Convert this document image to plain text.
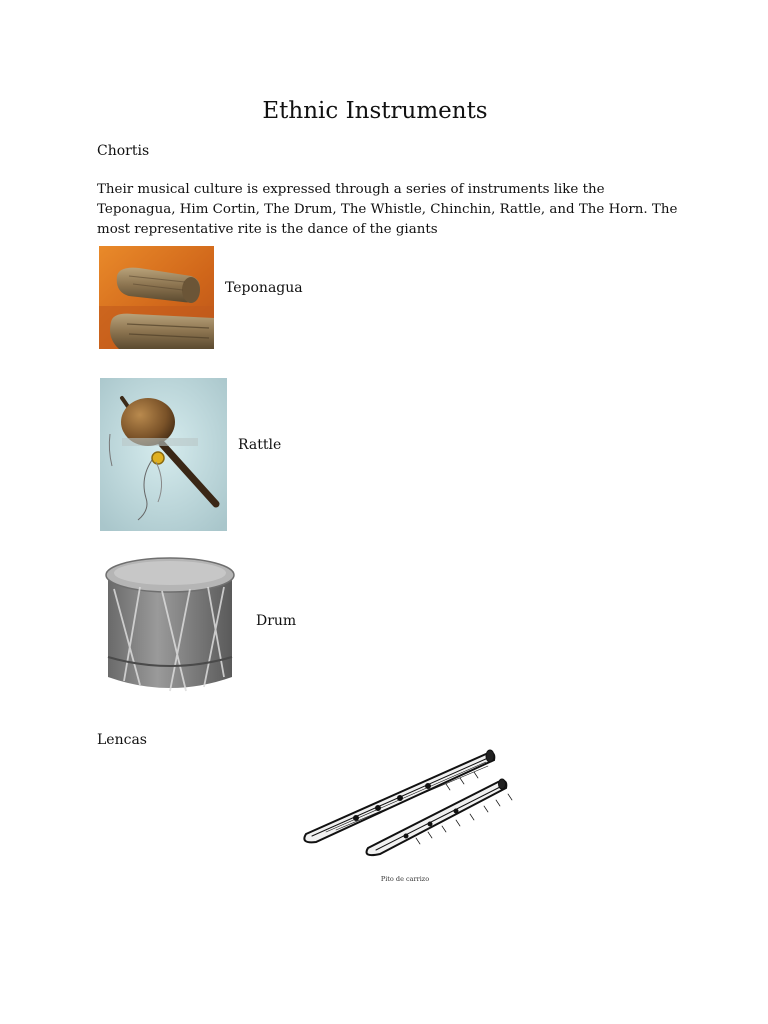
Ethnic Instruments
Chortis

Their musical culture is expressed through a series of instruments like the Teponagua, Him Cortin, The Drum, The Whistle, Chinchin, Rattle, and The Horn. The most representative rite is the dance of the giants

Teponagua
Rattle
Drum
Lencas
Pito de carrizo
